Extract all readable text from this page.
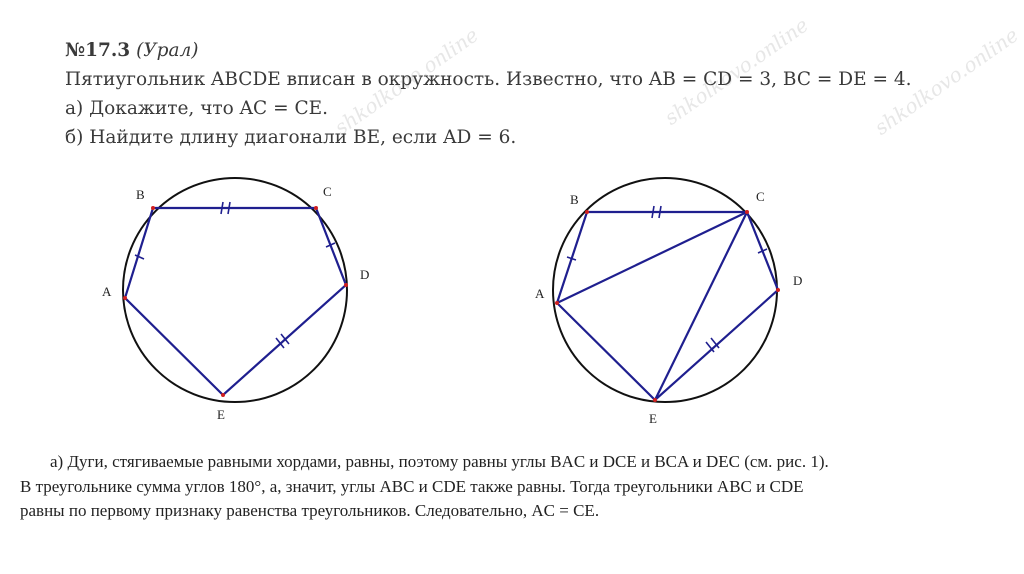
shkolkovo.online	shkolkovo.online	shkolkovo.online
№17.3 (Урал)
Пятиугольник ABCDE вписан в окружность. Известно, что AB = CD = 3, BC = DE = 4.
а) Докажите, что AC = CE.
б) Найдите длину диагонали BE, если AD = 6.
B	C
D
A
E
B	C
D
A
E
а) Дуги, стягиваемые равными хордами, равны, поэтому равны углы BAC и DCE и BCA и DEC (см. рис. 1).
В треугольнике сумма углов 180°, а, значит, углы ABC и CDE также равны. Тогда треугольники ABC и CDE
равны по первому признаку равенства треугольников. Следовательно, AC = CE.
